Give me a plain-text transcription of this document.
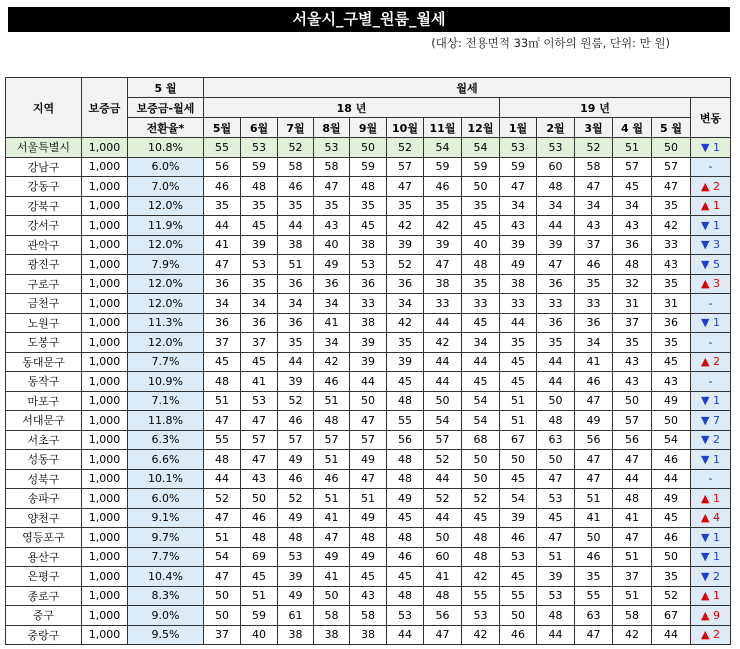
서울시_구별_원룸_월세
(대상: 전용면적 33㎡ 이하의 원룸, 단위: 만 원)
지역	보증금	5 월	월세													
		보증금-월세	18 년								19 년					변동
		전환율*	5월	6월	7월	8월	9월	10월	11월	12월	1월	2월	3월	4 월	5 월	
서울특별시	1,000	10.8%	55	53	52	53	50	52	54	54	53	53	52	51	50	▼ 1
강남구	1,000	6.0%	56	59	58	58	59	57	59	59	59	60	58	57	57	-
강동구	1,000	7.0%	46	48	46	47	48	47	46	50	47	48	47	45	47	▲ 2
강북구	1,000	12.0%	35	35	35	35	35	35	35	35	34	34	34	34	35	▲ 1
강서구	1,000	11.9%	44	45	44	43	45	42	42	45	43	44	43	43	42	▼ 1
관악구	1,000	12.0%	41	39	38	40	38	39	39	40	39	39	37	36	33	▼ 3
광진구	1,000	7.9%	47	53	51	49	53	52	47	48	49	47	46	48	43	▼ 5
구로구	1,000	12.0%	36	35	36	36	36	36	38	35	38	36	35	32	35	▲ 3
금천구	1,000	12.0%	34	34	34	34	33	34	33	33	33	33	33	31	31	-
노원구	1,000	11.3%	36	36	36	41	38	42	44	45	44	36	36	37	36	▼ 1
도봉구	1,000	12.0%	37	37	35	34	39	35	42	34	35	35	34	35	35	-
동대문구	1,000	7.7%	45	45	44	42	39	39	44	44	45	44	41	43	45	▲ 2
동작구	1,000	10.9%	48	41	39	46	44	45	44	45	45	44	46	43	43	-
마포구	1,000	7.1%	51	53	52	51	50	48	50	54	51	50	47	50	49	▼ 1
서대문구	1,000	11.8%	47	47	46	48	47	55	54	54	51	48	49	57	50	▼ 7
서초구	1,000	6.3%	55	57	57	57	57	56	57	68	67	63	56	56	54	▼ 2
성동구	1,000	6.6%	48	47	49	51	49	48	52	50	50	50	47	47	46	▼ 1
성북구	1,000	10.1%	44	43	46	46	47	48	44	50	45	47	47	44	44	-
송파구	1,000	6.0%	52	50	52	51	51	49	52	52	54	53	51	48	49	▲ 1
양천구	1,000	9.1%	47	46	49	41	49	45	44	45	39	45	41	41	45	▲ 4
영등포구	1,000	9.7%	51	48	48	47	48	48	50	48	46	47	50	47	46	▼ 1
용산구	1,000	7.7%	54	69	53	49	49	46	60	48	53	51	46	51	50	▼ 1
은평구	1,000	10.4%	47	45	39	41	45	45	41	42	45	39	35	37	35	▼ 2
종로구	1,000	8.3%	50	51	49	50	43	48	48	55	55	53	55	51	52	▲ 1
중구	1,000	9.0%	50	59	61	58	58	53	56	53	50	48	63	58	67	▲ 9
중랑구	1,000	9.5%	37	40	38	38	38	44	47	42	46	44	47	42	44	▲ 2
